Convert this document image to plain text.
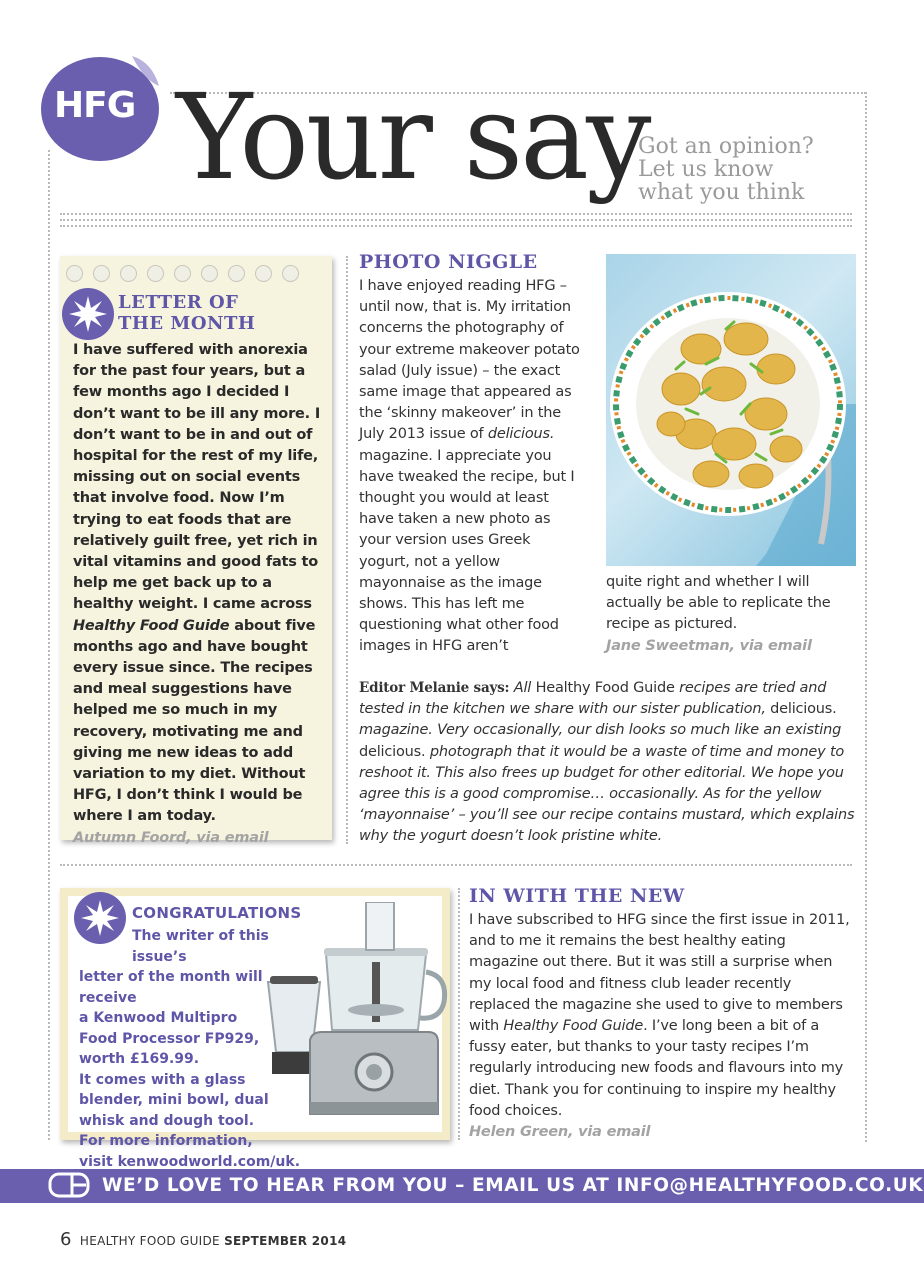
HFG Your say
Got an opinion?
Let us know
what you think
LETTER OF
THE MONTH
I have suffered with anorexia for the past four years, but a few months ago I decided I don’t want to be ill any more. I don’t want to be in and out of hospital for the rest of my life, missing out on social events that involve food. Now I’m trying to eat foods that are relatively guilt free, yet rich in vital vitamins and good fats to help me get back up to a healthy weight. I came across Healthy Food Guide about five months ago and have bought every issue since. The recipes and meal suggestions have helped me so much in my recovery, motivating me and giving me new ideas to add variation to my diet. Without HFG, I don’t think I would be where I am today.
Autumn Foord, via email
PHOTO NIGGLE
I have enjoyed reading HFG – until now, that is. My irritation concerns the photography of your extreme makeover potato salad (July issue) – the exact same image that appeared as the ‘skinny makeover’ in the July 2013 issue of delicious. magazine. I appreciate you have tweaked the recipe, but I thought you would at least have taken a new photo as your version uses Greek yogurt, not a yellow mayonnaise as the image shows. This has left me questioning what other food images in HFG aren’t
quite right and whether I will actually be able to replicate the recipe as pictured.
Jane Sweetman, via email
Editor Melanie says: All Healthy Food Guide recipes are tried and tested in the kitchen we share with our sister publication, delicious. magazine. Very occasionally, our dish looks so much like an existing delicious. photograph that it would be a waste of time and money to reshoot it. This also frees up budget for other editorial. We hope you agree this is a good compromise… occasionally. As for the yellow ‘mayonnaise’ – you’ll see our recipe contains mustard, which explains why the yogurt doesn’t look pristine white.
CONGRATULATIONS
The writer of this issue’s
letter of the month will receive
a Kenwood Multipro
Food Processor FP929,
worth £169.99.
It comes with a glass
blender, mini bowl, dual
whisk and dough tool.
For more information,
visit kenwoodworld.com/uk.
IN WITH THE NEW
I have subscribed to HFG since the first issue in 2011, and to me it remains the best healthy eating magazine out there. But it was still a surprise when my local food and fitness club leader recently replaced the magazine she used to give to members with Healthy Food Guide. I’ve long been a bit of a fussy eater, but thanks to your tasty recipes I’m regularly introducing new foods and flavours into my diet. Thank you for continuing to inspire my healthy food choices.
Helen Green, via email
WE’D LOVE TO HEAR FROM YOU – EMAIL US AT INFO@HEALTHYFOOD.CO.UK
6 HEALTHY FOOD GUIDE SEPTEMBER 2014
